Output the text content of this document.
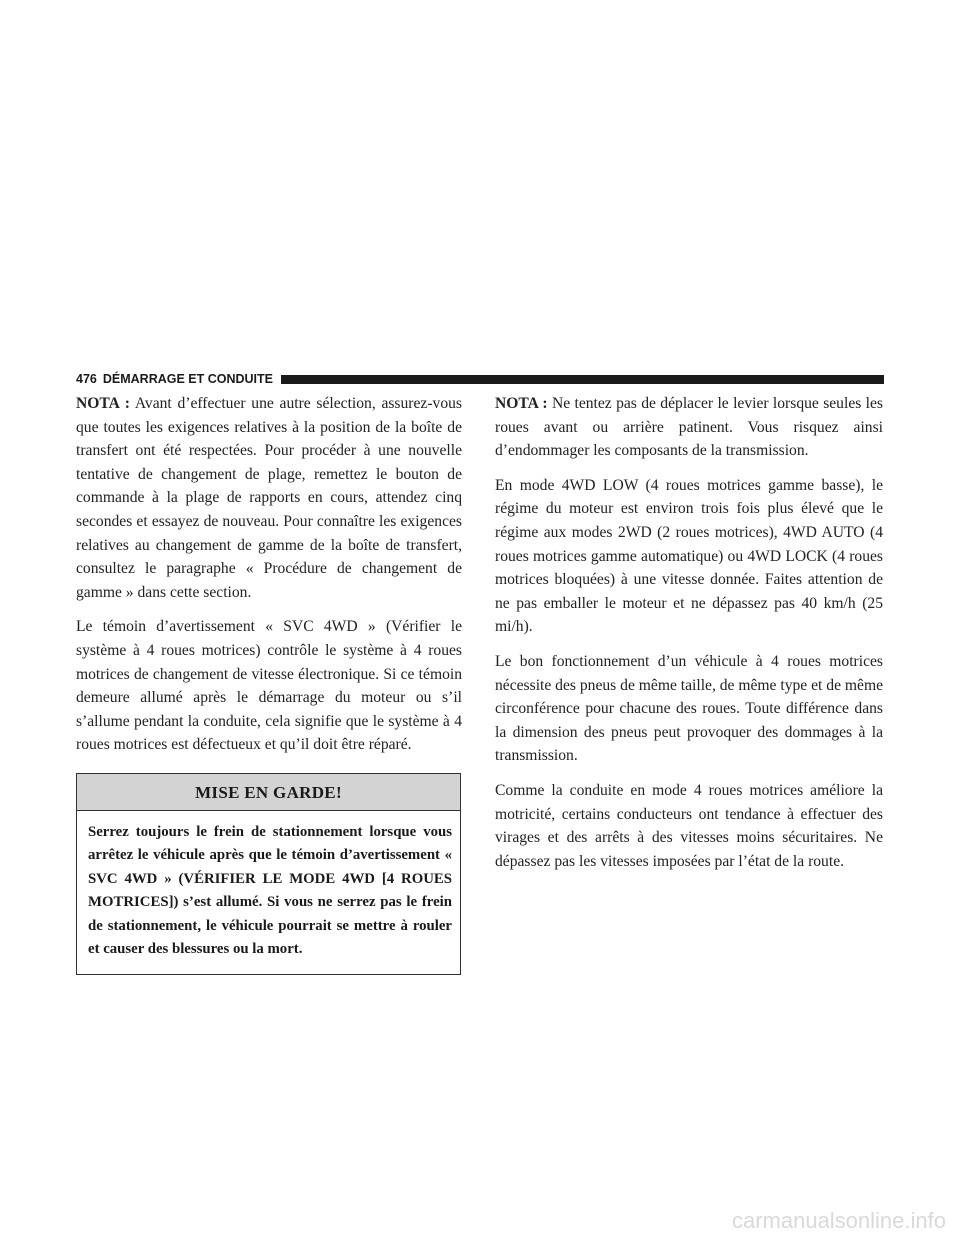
476 DÉMARRAGE ET CONDUITE

NOTA : Avant d’effectuer une autre sélection, assurez-vous que toutes les exigences relatives à la position de la boîte de transfert ont été respectées. Pour procéder à une nouvelle tentative de changement de plage, remettez le bouton de commande à la plage de rapports en cours, attendez cinq secondes et essayez de nouveau. Pour connaître les exigences relatives au changement de gamme de la boîte de transfert, consultez le paragraphe « Procédure de changement de gamme » dans cette section.

Le témoin d’avertissement « SVC 4WD » (Vérifier le système à 4 roues motrices) contrôle le système à 4 roues motrices de changement de vitesse électronique. Si ce témoin demeure allumé après le démarrage du moteur ou s’il s’allume pendant la conduite, cela signifie que le système à 4 roues motrices est défectueux et qu’il doit être réparé.

MISE EN GARDE!
Serrez toujours le frein de stationnement lorsque vous arrêtez le véhicule après que le témoin d’avertissement « SVC 4WD » (VÉRIFIER LE MODE 4WD [4 ROUES MOTRICES]) s’est allumé. Si vous ne serrez pas le frein de stationnement, le véhicule pourrait se mettre à rouler et causer des blessures ou la mort.

NOTA : Ne tentez pas de déplacer le levier lorsque seules les roues avant ou arrière patinent. Vous risquez ainsi d’endommager les composants de la transmission.

En mode 4WD LOW (4 roues motrices gamme basse), le régime du moteur est environ trois fois plus élevé que le régime aux modes 2WD (2 roues motrices), 4WD AUTO (4 roues motrices gamme automatique) ou 4WD LOCK (4 roues motrices bloquées) à une vitesse donnée. Faites attention de ne pas emballer le moteur et ne dépassez pas 40 km/h (25 mi/h).

Le bon fonctionnement d’un véhicule à 4 roues motrices nécessite des pneus de même taille, de même type et de même circonférence pour chacune des roues. Toute différence dans la dimension des pneus peut provoquer des dommages à la transmission.

Comme la conduite en mode 4 roues motrices améliore la motricité, certains conducteurs ont tendance à effectuer des virages et des arrêts à des vitesses moins sécuritaires. Ne dépassez pas les vitesses imposées par l’état de la route.

carmanualsonline.info
